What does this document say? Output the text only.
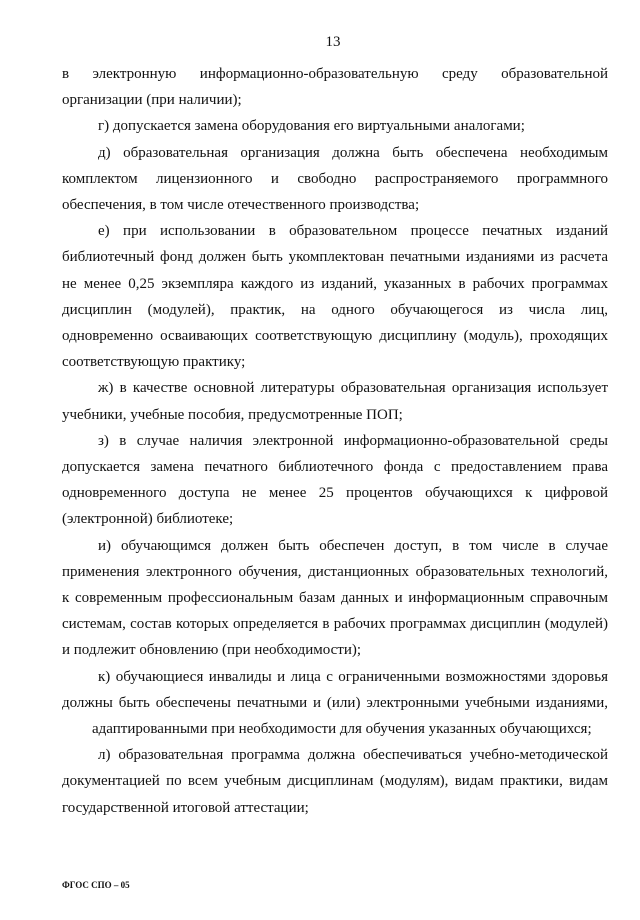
13
в электронную информационно-образовательную среду образовательной
организации (при наличии);
г) допускается замена оборудования его виртуальными аналогами;
д) образовательная организация должна быть обеспечена необходимым
комплектом лицензионного и свободно распространяемого программного
обеспечения, в том числе отечественного производства;
е) при использовании в образовательном процессе печатных изданий
библиотечный фонд должен быть укомплектован печатными изданиями из расчета
не менее 0,25 экземпляра каждого из изданий, указанных в рабочих программах
дисциплин (модулей), практик, на одного обучающегося из числа лиц,
одновременно осваивающих соответствующую дисциплину (модуль), проходящих
соответствующую практику;
ж) в качестве основной литературы образовательная организация использует
учебники, учебные пособия, предусмотренные ПОП;
з) в случае наличия электронной информационно-образовательной среды
допускается замена печатного библиотечного фонда с предоставлением права
одновременного доступа не менее 25 процентов обучающихся к цифровой
(электронной) библиотеке;
и) обучающимся должен быть обеспечен доступ, в том числе в случае
применения электронного обучения, дистанционных образовательных технологий,
к современным профессиональным базам данных и информационным справочным
системам, состав которых определяется в рабочих программах дисциплин (модулей)
и подлежит обновлению (при необходимости);
к) обучающиеся инвалиды и лица с ограниченными возможностями здоровья
должны быть обеспечены печатными и (или) электронными учебными изданиями,
адаптированными при необходимости для обучения указанных обучающихся;
л) образовательная программа должна обеспечиваться учебно-методической
документацией по всем учебным дисциплинам (модулям), видам практики, видам
государственной итоговой аттестации;
ФГОС СПО – 05
